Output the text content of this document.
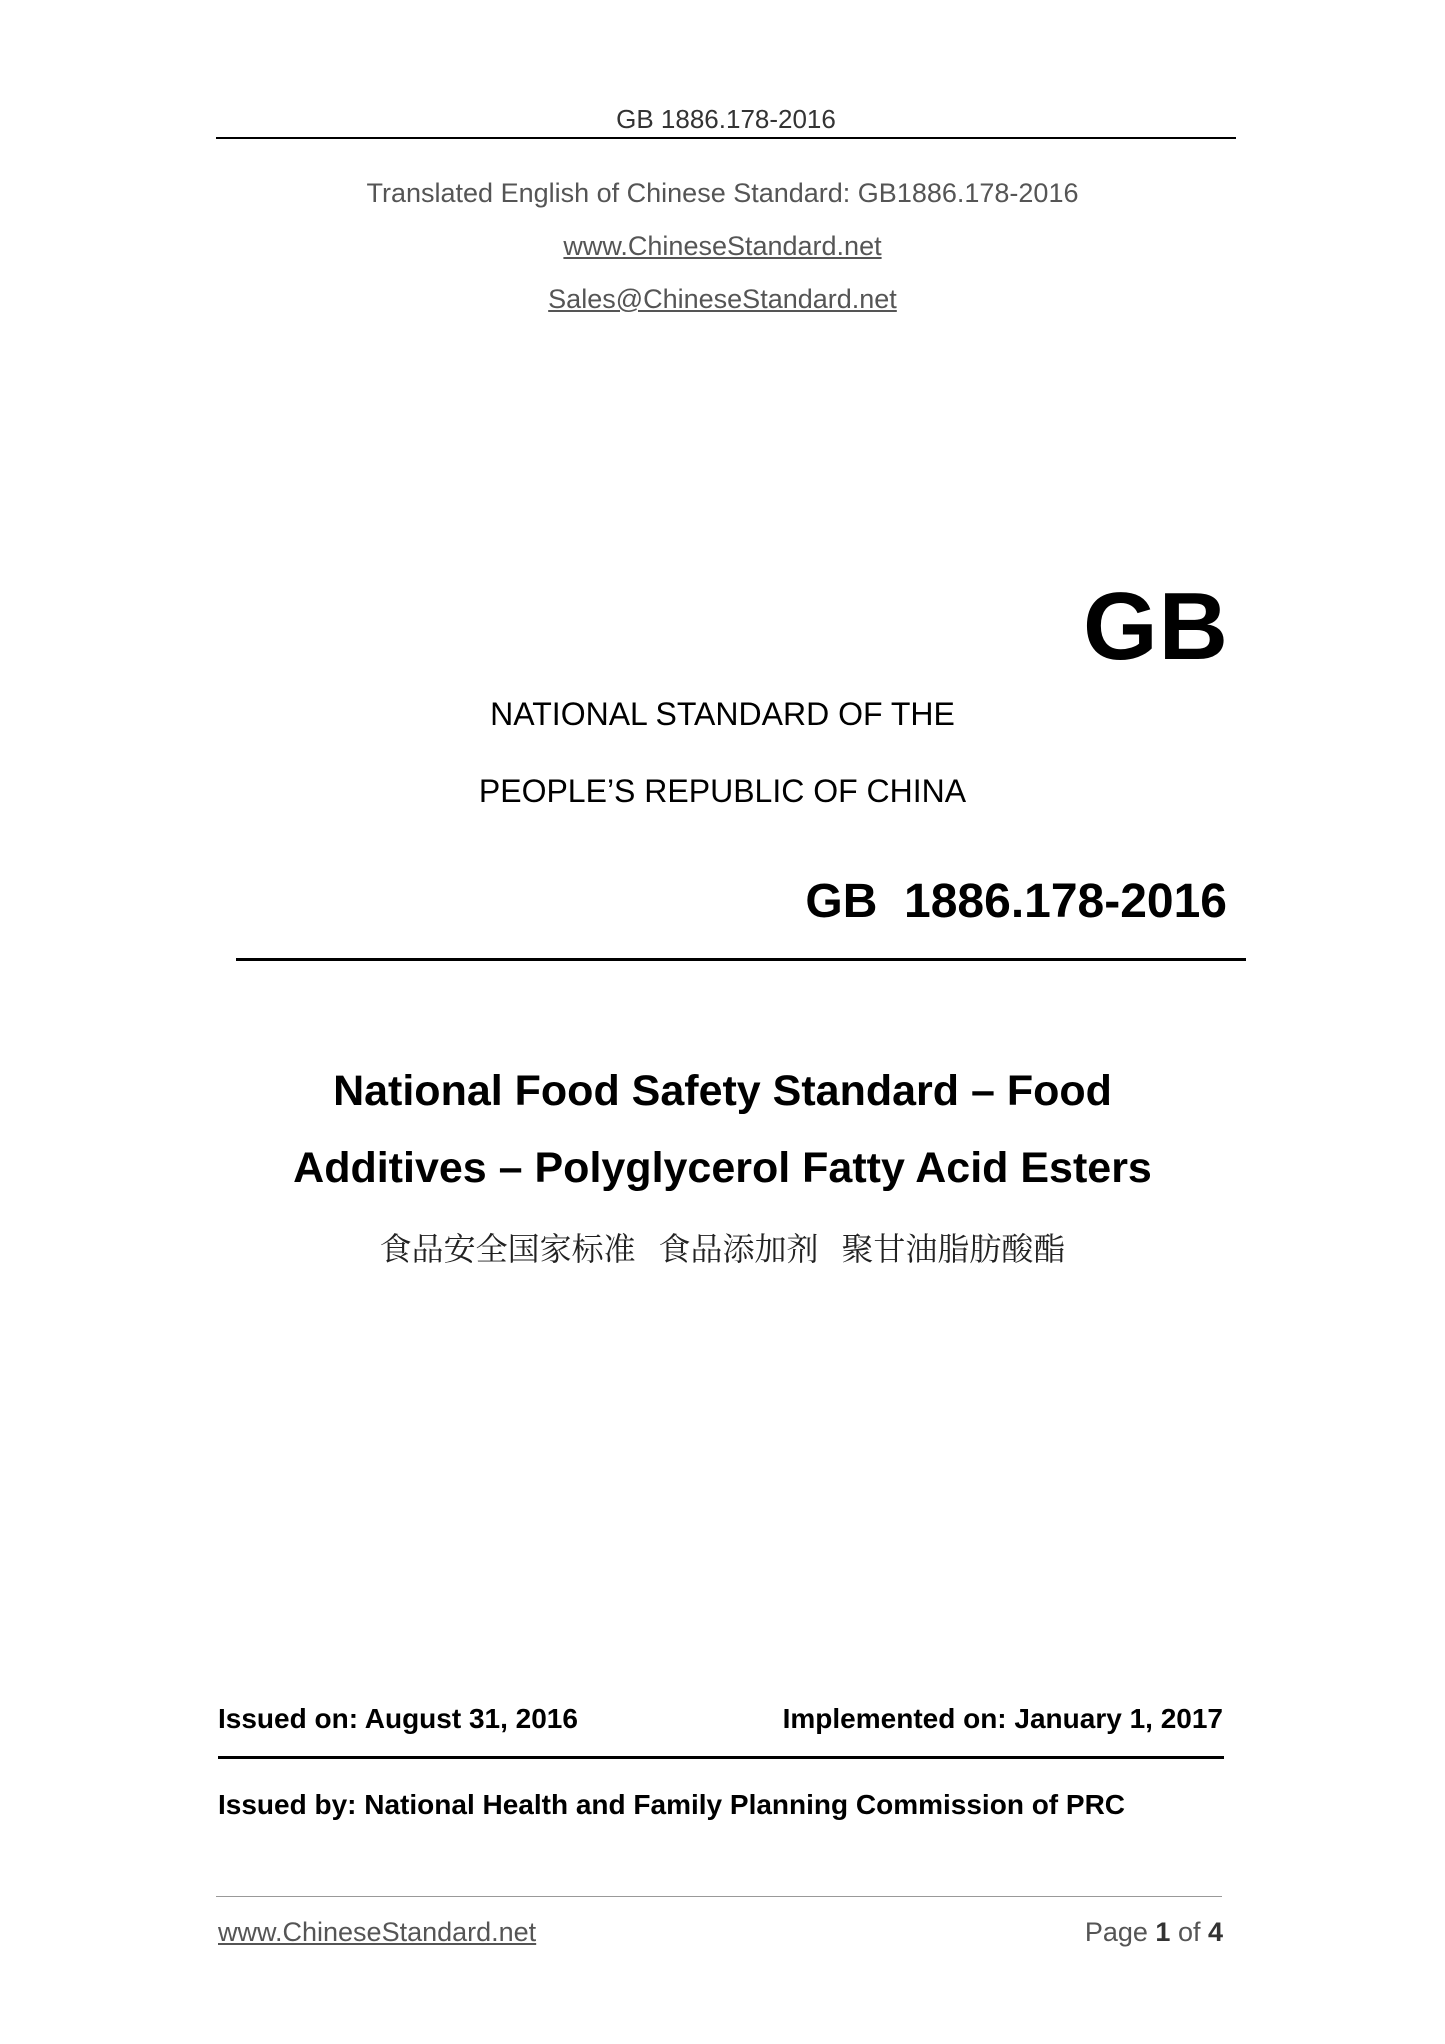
GB 1886.178-2016
Translated English of Chinese Standard: GB1886.178-2016
www.ChineseStandard.net
Sales@ChineseStandard.net
GB
NATIONAL STANDARD OF THE
PEOPLE’S REPUBLIC OF CHINA
GB  1886.178-2016
National Food Safety Standard – Food
Additives – Polyglycerol Fatty Acid Esters
食品安全国家标准 食品添加剂 聚甘油脂肪酸酯
Issued on: August 31, 2016	Implemented on: January 1, 2017
Issued by: National Health and Family Planning Commission of PRC
www.ChineseStandard.net	Page 1 of 4
